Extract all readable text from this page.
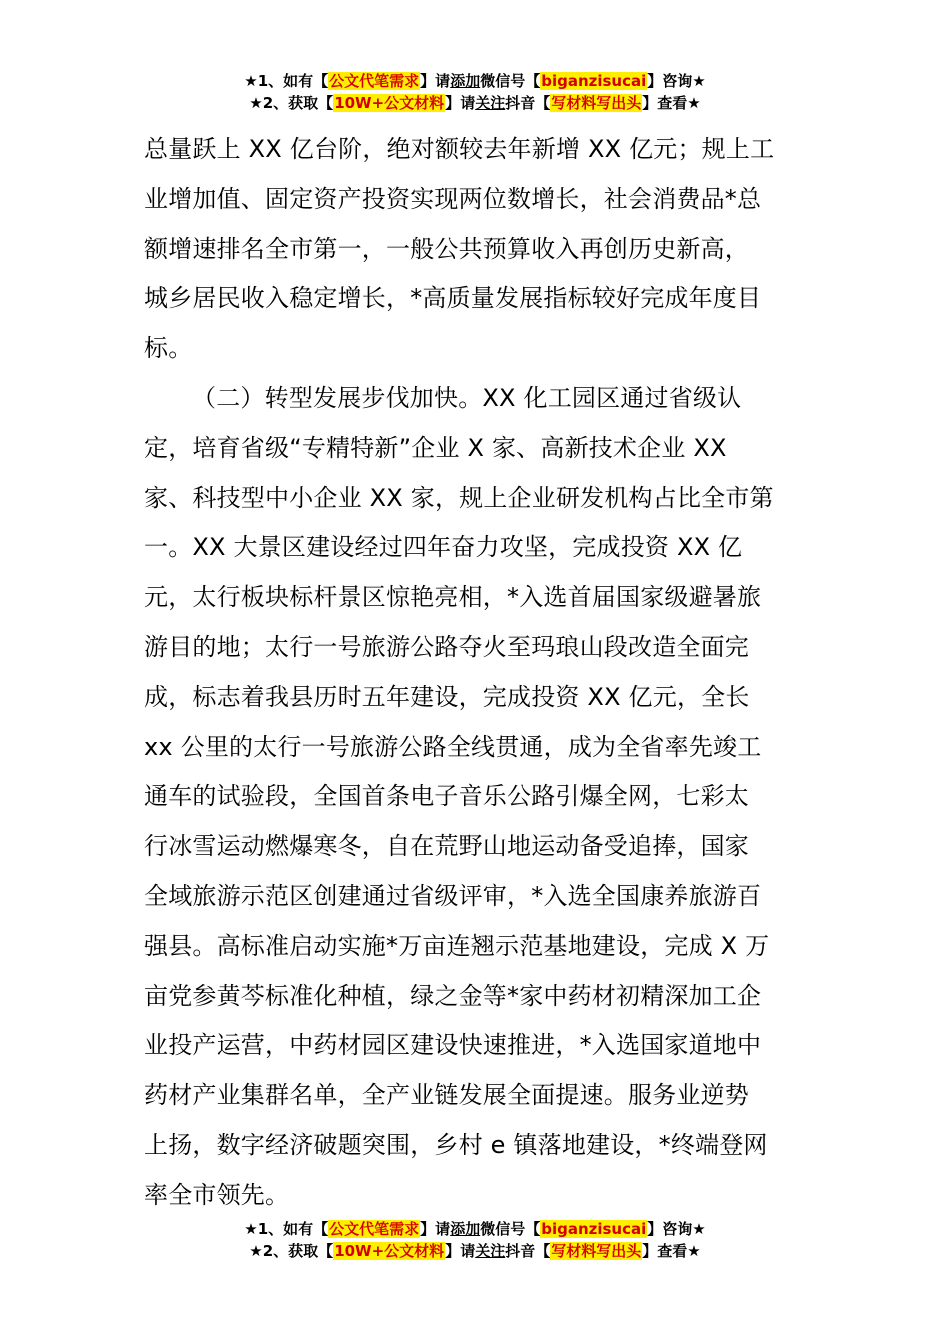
★1、如有【公文代笔需求】请添加微信号【biganzisucai】咨询★
★2、获取【10W+公文材料】请关注抖音【写材料写出头】查看★

总量跃上 XX 亿台阶，绝对额较去年新增 XX 亿元；规上工
业增加值、固定资产投资实现两位数增长，社会消费品*总
额增速排名全市第一，一般公共预算收入再创历史新高，
城乡居民收入稳定增长，*高质量发展指标较好完成年度目
标。

（二）转型发展步伐加快。XX 化工园区通过省级认
定，培育省级“专精特新”企业 X 家、高新技术企业 XX
家、科技型中小企业 XX 家，规上企业研发机构占比全市第
一。XX 大景区建设经过四年奋力攻坚，完成投资 XX 亿
元，太行板块标杆景区惊艳亮相，*入选首届国家级避暑旅
游目的地；太行一号旅游公路夺火至玛琅山段改造全面完
成，标志着我县历时五年建设，完成投资 XX 亿元，全长
xx 公里的太行一号旅游公路全线贯通，成为全省率先竣工
通车的试验段，全国首条电子音乐公路引爆全网，七彩太
行冰雪运动燃爆寒冬，自在荒野山地运动备受追捧，国家
全域旅游示范区创建通过省级评审，*入选全国康养旅游百
强县。高标准启动实施*万亩连翘示范基地建设，完成 X 万
亩党参黄芩标准化种植，绿之金等*家中药材初精深加工企
业投产运营，中药材园区建设快速推进，*入选国家道地中
药材产业集群名单，全产业链发展全面提速。服务业逆势
上扬，数字经济破题突围，乡村 e 镇落地建设，*终端登网
率全市领先。

★1、如有【公文代笔需求】请添加微信号【biganzisucai】咨询★
★2、获取【10W+公文材料】请关注抖音【写材料写出头】查看★
